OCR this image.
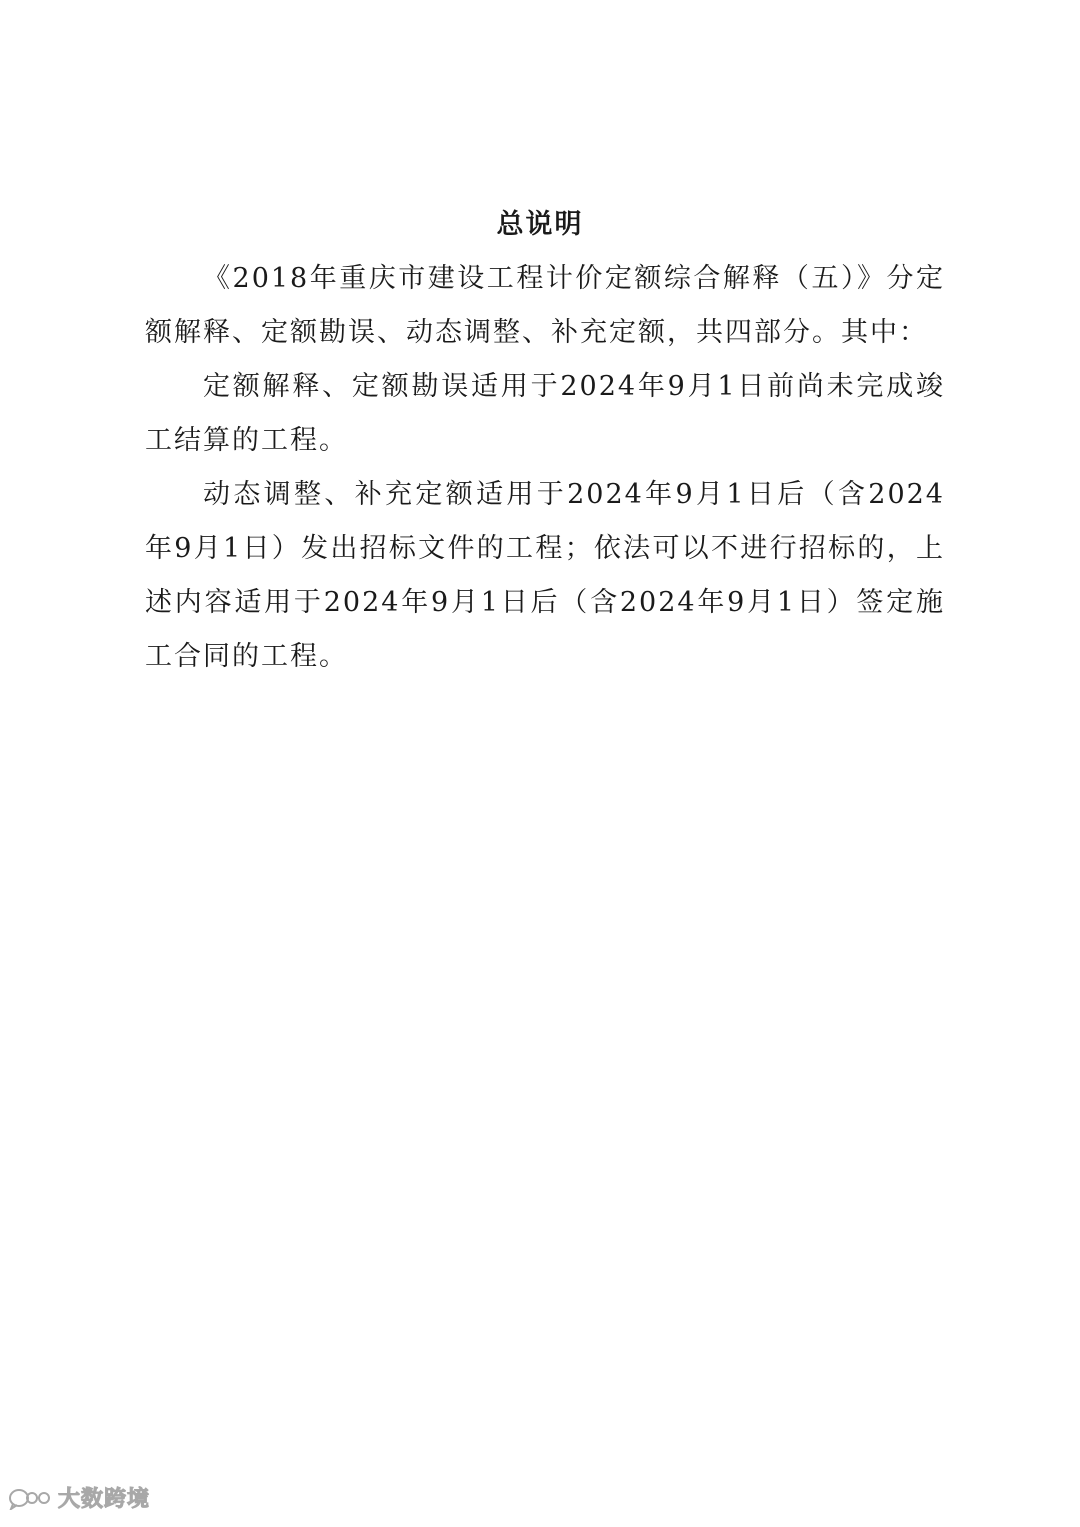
总说明

《2018年重庆市建设工程计价定额综合解释（五）》分定额解释、定额勘误、动态调整、补充定额，共四部分。其中：

定额解释、定额勘误适用于2024年9月1日前尚未完成竣工结算的工程。

动态调整、补充定额适用于2024年9月1日后（含2024年9月1日）发出招标文件的工程；依法可以不进行招标的，上述内容适用于2024年9月1日后（含2024年9月1日）签定施工合同的工程。

大数跨境
